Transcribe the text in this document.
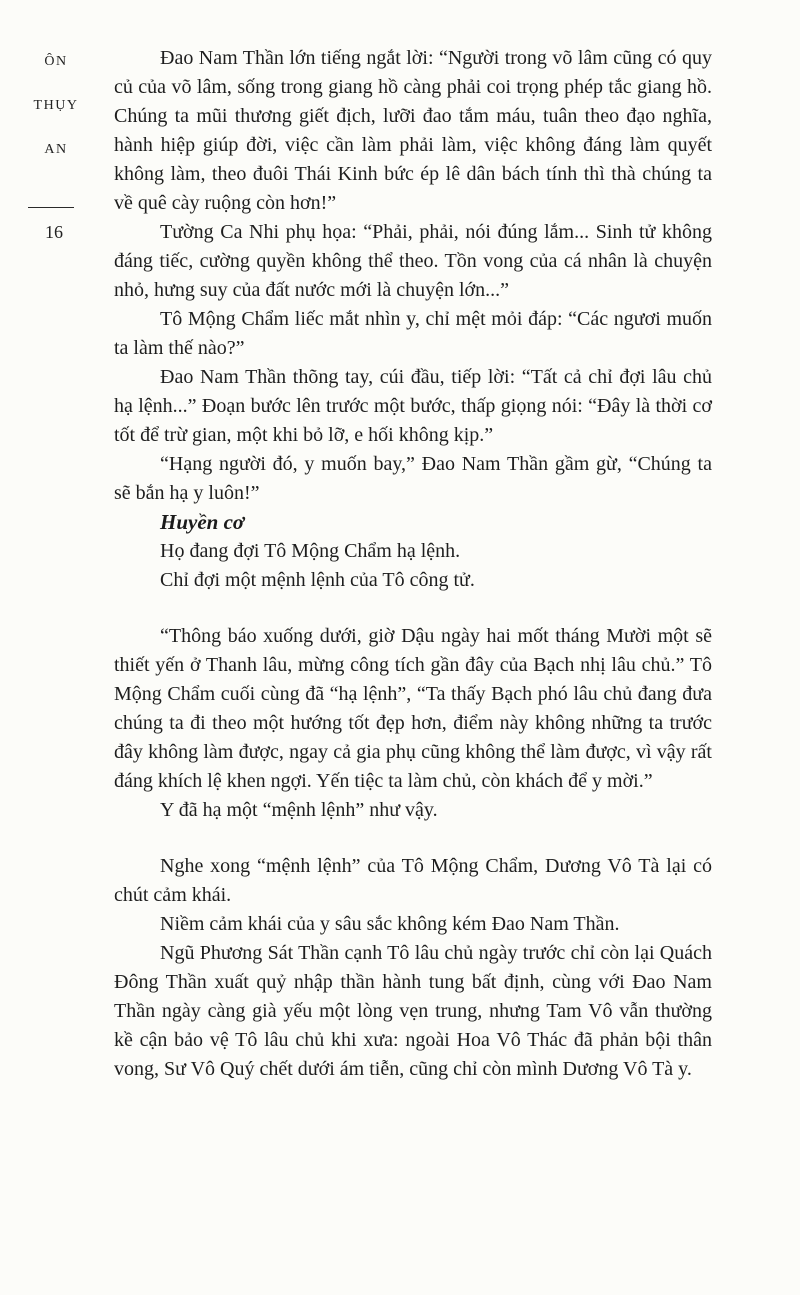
ÔN
THỤY
AN
16

Đao Nam Thần lớn tiếng ngắt lời: “Người trong võ lâm cũng có quy củ của võ lâm, sống trong giang hồ càng phải coi trọng phép tắc giang hồ. Chúng ta mũi thương giết địch, lưỡi đao tắm máu, tuân theo đạo nghĩa, hành hiệp giúp đời, việc cần làm phải làm, việc không đáng làm quyết không làm, theo đuôi Thái Kinh bức ép lê dân bách tính thì thà chúng ta về quê cày ruộng còn hơn!”

Tường Ca Nhi phụ họa: “Phải, phải, nói đúng lắm... Sinh tử không đáng tiếc, cường quyền không thể theo. Tồn vong của cá nhân là chuyện nhỏ, hưng suy của đất nước mới là chuyện lớn...”

Tô Mộng Chẩm liếc mắt nhìn y, chỉ mệt mỏi đáp: “Các ngươi muốn ta làm thế nào?”

Đao Nam Thần thõng tay, cúi đầu, tiếp lời: “Tất cả chỉ đợi lâu chủ hạ lệnh...” Đoạn bước lên trước một bước, thấp giọng nói: “Đây là thời cơ tốt để trừ gian, một khi bỏ lỡ, e hối không kịp.”

“Hạng người đó, y muốn bay,” Đao Nam Thần gầm gừ, “Chúng ta sẽ bắn hạ y luôn!”

Huyền cơ

Họ đang đợi Tô Mộng Chẩm hạ lệnh.

Chỉ đợi một mệnh lệnh của Tô công tử.

“Thông báo xuống dưới, giờ Dậu ngày hai mốt tháng Mười một sẽ thiết yến ở Thanh lâu, mừng công tích gần đây của Bạch nhị lâu chủ.” Tô Mộng Chẩm cuối cùng đã “hạ lệnh”, “Ta thấy Bạch phó lâu chủ đang đưa chúng ta đi theo một hướng tốt đẹp hơn, điểm này không những ta trước đây không làm được, ngay cả gia phụ cũng không thể làm được, vì vậy rất đáng khích lệ khen ngợi. Yến tiệc ta làm chủ, còn khách để y mời.”

Y đã hạ một “mệnh lệnh” như vậy.

Nghe xong “mệnh lệnh” của Tô Mộng Chẩm, Dương Vô Tà lại có chút cảm khái.

Niềm cảm khái của y sâu sắc không kém Đao Nam Thần.

Ngũ Phương Sát Thần cạnh Tô lâu chủ ngày trước chỉ còn lại Quách Đông Thần xuất quỷ nhập thần hành tung bất định, cùng với Đao Nam Thần ngày càng già yếu một lòng vẹn trung, nhưng Tam Vô vẫn thường kề cận bảo vệ Tô lâu chủ khi xưa: ngoài Hoa Vô Thác đã phản bội thân vong, Sư Vô Quý chết dưới ám tiễn, cũng chỉ còn mình Dương Vô Tà y.
